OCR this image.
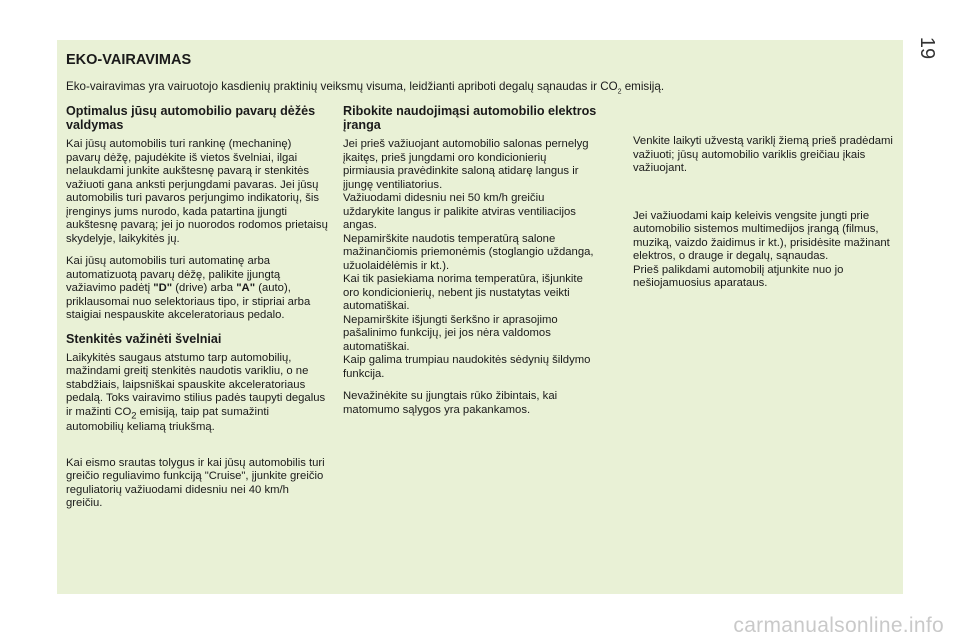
19
EKO-VAIRAVIMAS

Eko-vairavimas yra vairuotojo kasdienių praktinių veiksmų visuma, leidžianti apriboti degalų sąnaudas ir $CO_2$ emisiją.

Optimalus jūsų automobilio pavarų dėžės valdymas

Kai jūsų automobilis turi rankinę (mechaninę) pavarų dėžę, pajudėkite iš vietos švelniai, ilgai nelaukdami junkite aukštesnę pavarą ir stenkitės važiuoti gana anksti perjungdami pavaras. Jei jūsų automobilis turi pavaros perjungimo indikatorių, šis įrenginys jums nurodo, kada patartina įjungti aukštesnę pavarą; jei jo nuorodos rodomos prietaisų skydelyje, laikykitės jų.

Kai jūsų automobilis turi automatinę arba automatizuotą pavarų dėžę, palikite įjungtą važiavimo padėtį "D" (drive) arba "A" (auto), priklausomai nuo selektoriaus tipo, ir stipriai arba staigiai nespauskite akceleratoriaus pedalo.

Stenkitės važinėti švelniai

Laikykitės saugaus atstumo tarp automobilių, mažindami greitį stenkitės naudotis varikliu, o ne stabdžiais, laipsniškai spauskite akceleratoriaus pedalą. Toks vairavimo stilius padės taupyti degalus ir mažinti $CO_2$ emisiją, taip pat sumažinti automobilių keliamą triukšmą.

Kai eismo srautas tolygus ir kai jūsų automobilis turi greičio reguliavimo funkciją "Cruise", įjunkite greičio reguliatorių važiuodami didesniu nei 40 km/h greičiu.

Ribokite naudojimąsi automobilio elektros įranga

Jei prieš važiuojant automobilio salonas pernelyg įkaitęs, prieš jungdami oro kondicionierių pirmiausia pravėdinkite saloną atidarę langus ir įjungę ventiliatorius.
Važiuodami didesniu nei 50 km/h greičiu uždarykite langus ir palikite atviras ventiliacijos angas.
Nepamirškite naudotis temperatūrą salone mažinančiomis priemonėmis (stoglangio uždanga, užuolaidėlėmis ir kt.).
Kai tik pasiekiama norima temperatūra, išjunkite oro kondicionierių, nebent jis nustatytas veikti automatiškai.
Nepamirškite išjungti šerkšno ir aprasojimo pašalinimo funkcijų, jei jos nėra valdomos automatiškai.
Kaip galima trumpiau naudokitės sėdynių šildymo funkcija.

Nevažinėkite su įjungtais rūko žibintais, kai matomumo sąlygos yra pakankamos.

Venkite laikyti užvestą variklį žiemą prieš pradėdami važiuoti; jūsų automobilio variklis greičiau įkais važiuojant.

Jei važiuodami kaip keleivis vengsite jungti prie automobilio sistemos multimedijos įrangą (filmus, muziką, vaizdo žaidimus ir kt.), prisidėsite mažinant elektros, o drauge ir degalų, sąnaudas.
Prieš palikdami automobilį atjunkite nuo jo nešiojamuosius aparataus.

carmanualsonline.info
